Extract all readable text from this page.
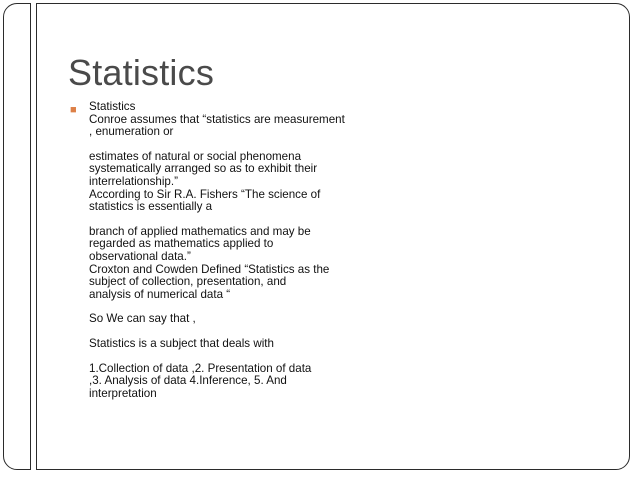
Statistics
■ Statistics

Conroe assumes that “statistics are measurement

, enumeration or

estimates of natural or social phenomena

systematically arranged so as to exhibit their

interrelationship.”

According to Sir R.A. Fishers “The science of

statistics is essentially a

branch of applied mathematics and may be

regarded as mathematics applied to

observational data.”

Croxton and Cowden Defined “Statistics as the

subject of collection, presentation, and

analysis of numerical data “

So We can say that ,

Statistics is a subject that deals with

1.Collection of data ,2. Presentation of data

,3. Analysis of data 4.Inference, 5. And

interpretation
